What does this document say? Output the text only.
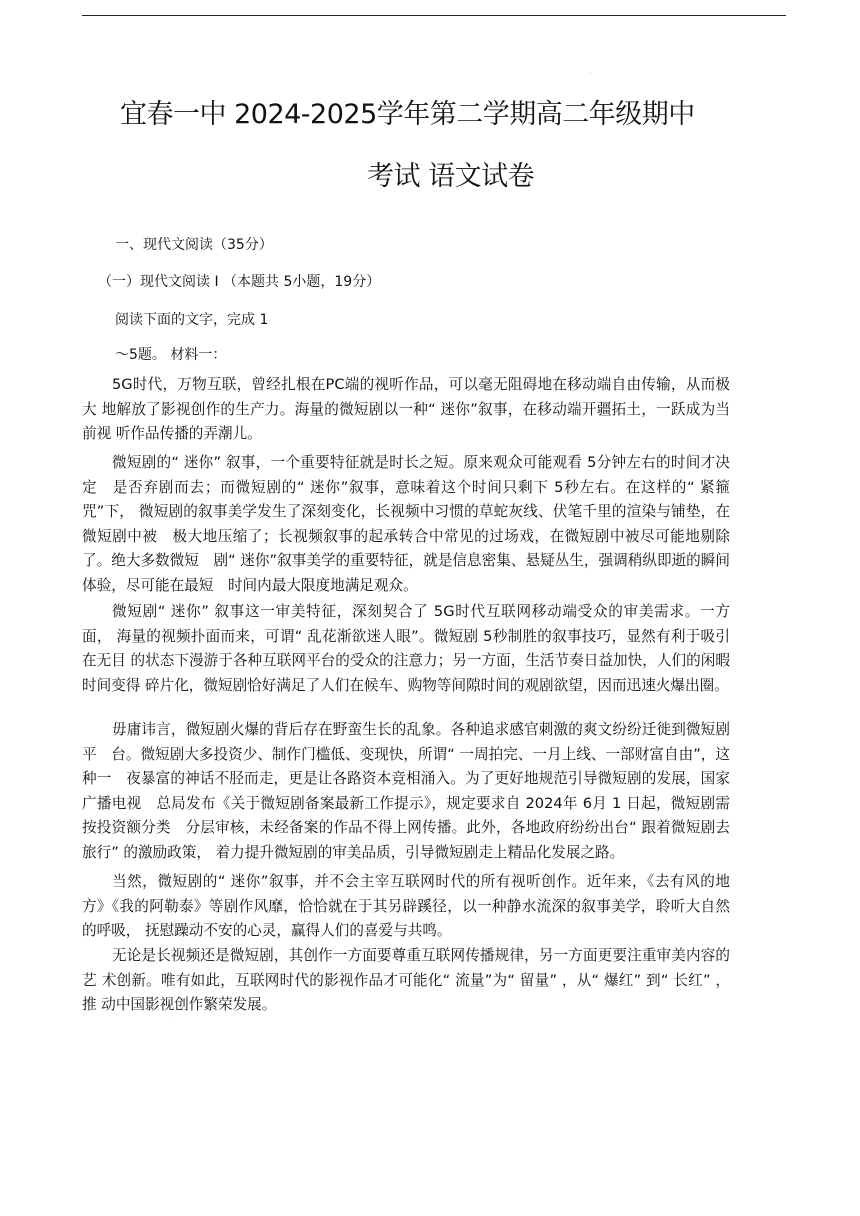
·
宜春一中 2024-2025学年第二学期高二年级期中
考试 语文试卷
一、现代文阅读（35分）
（一）现代文阅读 I （本题共 5小题，19分）
阅读下面的文字，完成 1
～5题。 材料一：
5G时代，万物互联，曾经扎根在PC端的视听作品，可以毫无阻碍地在移动端自由传输，从而极大 地解放了影视创作的生产力。海量的微短剧以一种“ 迷你”叙事，在移动端开疆拓土，一跃成为当前视 听作品传播的弄潮儿。
微短剧的“ 迷你” 叙事，一个重要特征就是时长之短。原来观众可能观看 5分钟左右的时间才决定　是否弃剧而去；而微短剧的“ 迷你”叙事，意味着这个时间只剩下 5秒左右。在这样的“ 紧箍咒”下， 微短剧的叙事美学发生了深刻变化，长视频中习惯的草蛇灰线、伏笔千里的渲染与铺垫，在微短剧中被　极大地压缩了；长视频叙事的起承转合中常见的过场戏，在微短剧中被尽可能地剔除了。绝大多数微短　剧“ 迷你”叙事美学的重要特征，就是信息密集、悬疑丛生，强调稍纵即逝的瞬间体验，尽可能在最短　时间内最大限度地满足观众。
微短剧“ 迷你” 叙事这一审美特征，深刻契合了 5G时代互联网移动端受众的审美需求。一方面， 海量的视频扑面而来，可谓“ 乱花渐欲迷人眼”。微短剧 5秒制胜的叙事技巧，显然有利于吸引在无目 的状态下漫游于各种互联网平台的受众的注意力；另一方面，生活节奏日益加快，人们的闲暇时间变得 碎片化，微短剧恰好满足了人们在候车、购物等间隙时间的观剧欲望，因而迅速火爆出圈。
毋庸讳言，微短剧火爆的背后存在野蛮生长的乱象。各种追求感官刺激的爽文纷纷迁徙到微短剧平　台。微短剧大多投资少、制作门槛低、变现快，所谓“ 一周拍完、一月上线、一部财富自由”，这种一　夜暴富的神话不胫而走，更是让各路资本竞相涌入。为了更好地规范引导微短剧的发展，国家广播电视　总局发布《关于微短剧备案最新工作提示》，规定要求自 2024年 6月 1 日起，微短剧需按投资额分类　分层审核，未经备案的作品不得上网传播。此外，各地政府纷纷出台“ 跟着微短剧去旅行” 的激励政策， 着力提升微短剧的审美品质，引导微短剧走上精品化发展之路。
当然，微短剧的“ 迷你”叙事，并不会主宰互联网时代的所有视听创作。近年来，《去有风的地方》《我的阿勒泰》等剧作风靡，恰恰就在于其另辟蹊径，以一种静水流深的叙事美学，聆听大自然的呼吸， 抚慰躁动不安的心灵，赢得人们的喜爱与共鸣。
无论是长视频还是微短剧，其创作一方面要尊重互联网传播规律，另一方面更要注重审美内容的艺 术创新。唯有如此，互联网时代的影视作品才可能化“ 流量”为“ 留量” ，从“ 爆红” 到“ 长红” ，推 动中国影视创作繁荣发展。
·
